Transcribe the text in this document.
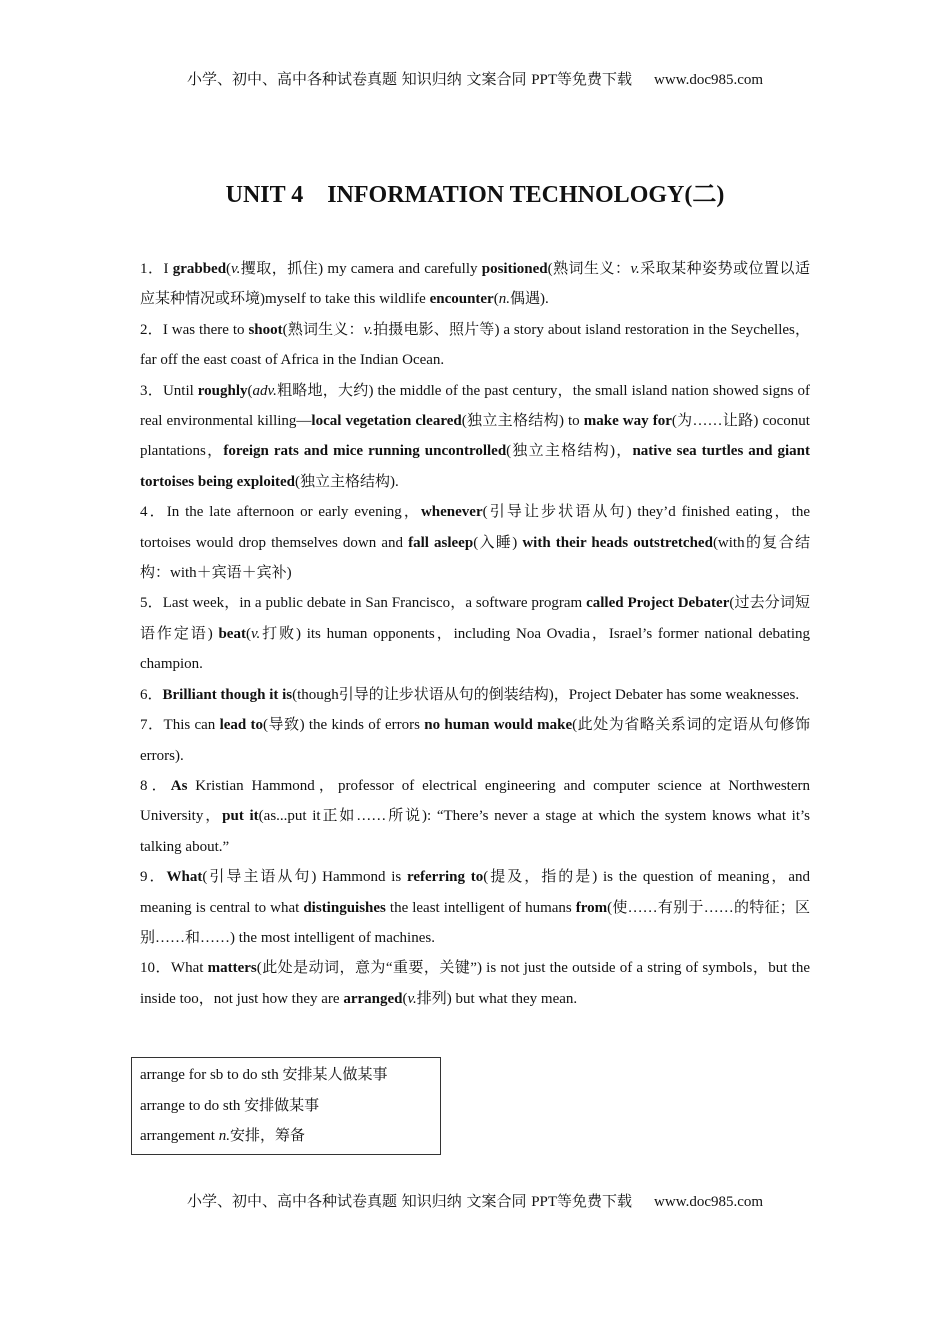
小学、初中、高中各种试卷真题 知识归纳 文案合同 PPT等免费下载 www.doc985.com
UNIT 4    INFORMATION TECHNOLOGY(二)

1．I grabbed(v.攫取，抓住) my camera and carefully positioned(熟词生义：v.采取某种姿势或位置以适应某种情况或环境)myself to take this wildlife encounter(n.偶遇).

2．I was there to shoot(熟词生义：v.拍摄电影、照片等) a story about island restoration in the Seychelles，far off the east coast of Africa in the Indian Ocean.

3．Until roughly(adv.粗略地，大约) the middle of the past century，the small island nation showed signs of real environmental killing—local vegetation cleared(独立主格结构) to make way for(为……让路) coconut plantations，foreign rats and mice running uncontrolled(独立主格结构)，native sea turtles and giant tortoises being exploited(独立主格结构).

4．In the late afternoon or early evening，whenever(引导让步状语从句) they’d finished eating，the tortoises would drop themselves down and fall asleep(入睡) with their heads outstretched(with的复合结构：with＋宾语＋宾补)

5．Last week，in a public debate in San Francisco，a software program called Project Debater(过去分词短语作定语) beat(v.打败) its human opponents，including Noa Ovadia，Israel’s former national debating champion.

6．Brilliant though it is(though引导的让步状语从句的倒装结构)，Project Debater has some weaknesses.

7．This can lead to(导致) the kinds of errors no human would make(此处为省略关系词的定语从句修饰errors).

8．As Kristian Hammond，professor of electrical engineering and computer science at Northwestern University，put it(as...put it正如……所说): “There’s never a stage at which the system knows what it’s talking about.”

9．What(引导主语从句) Hammond is referring to(提及，指的是) is the question of meaning，and meaning is central to what distinguishes the least intelligent of humans from(使……有别于……的特征；区别……和……) the most intelligent of machines.

10．What matters(此处是动词，意为“重要，关键”) is not just the outside of a string of symbols，but the inside too，not just how they are arranged(v.排列) but what they mean.

arrange for sb to do sth 安排某人做某事
arrange to do sth 安排做某事
arrangement n.安排，筹备
小学、初中、高中各种试卷真题 知识归纳 文案合同 PPT等免费下载 www.doc985.com
